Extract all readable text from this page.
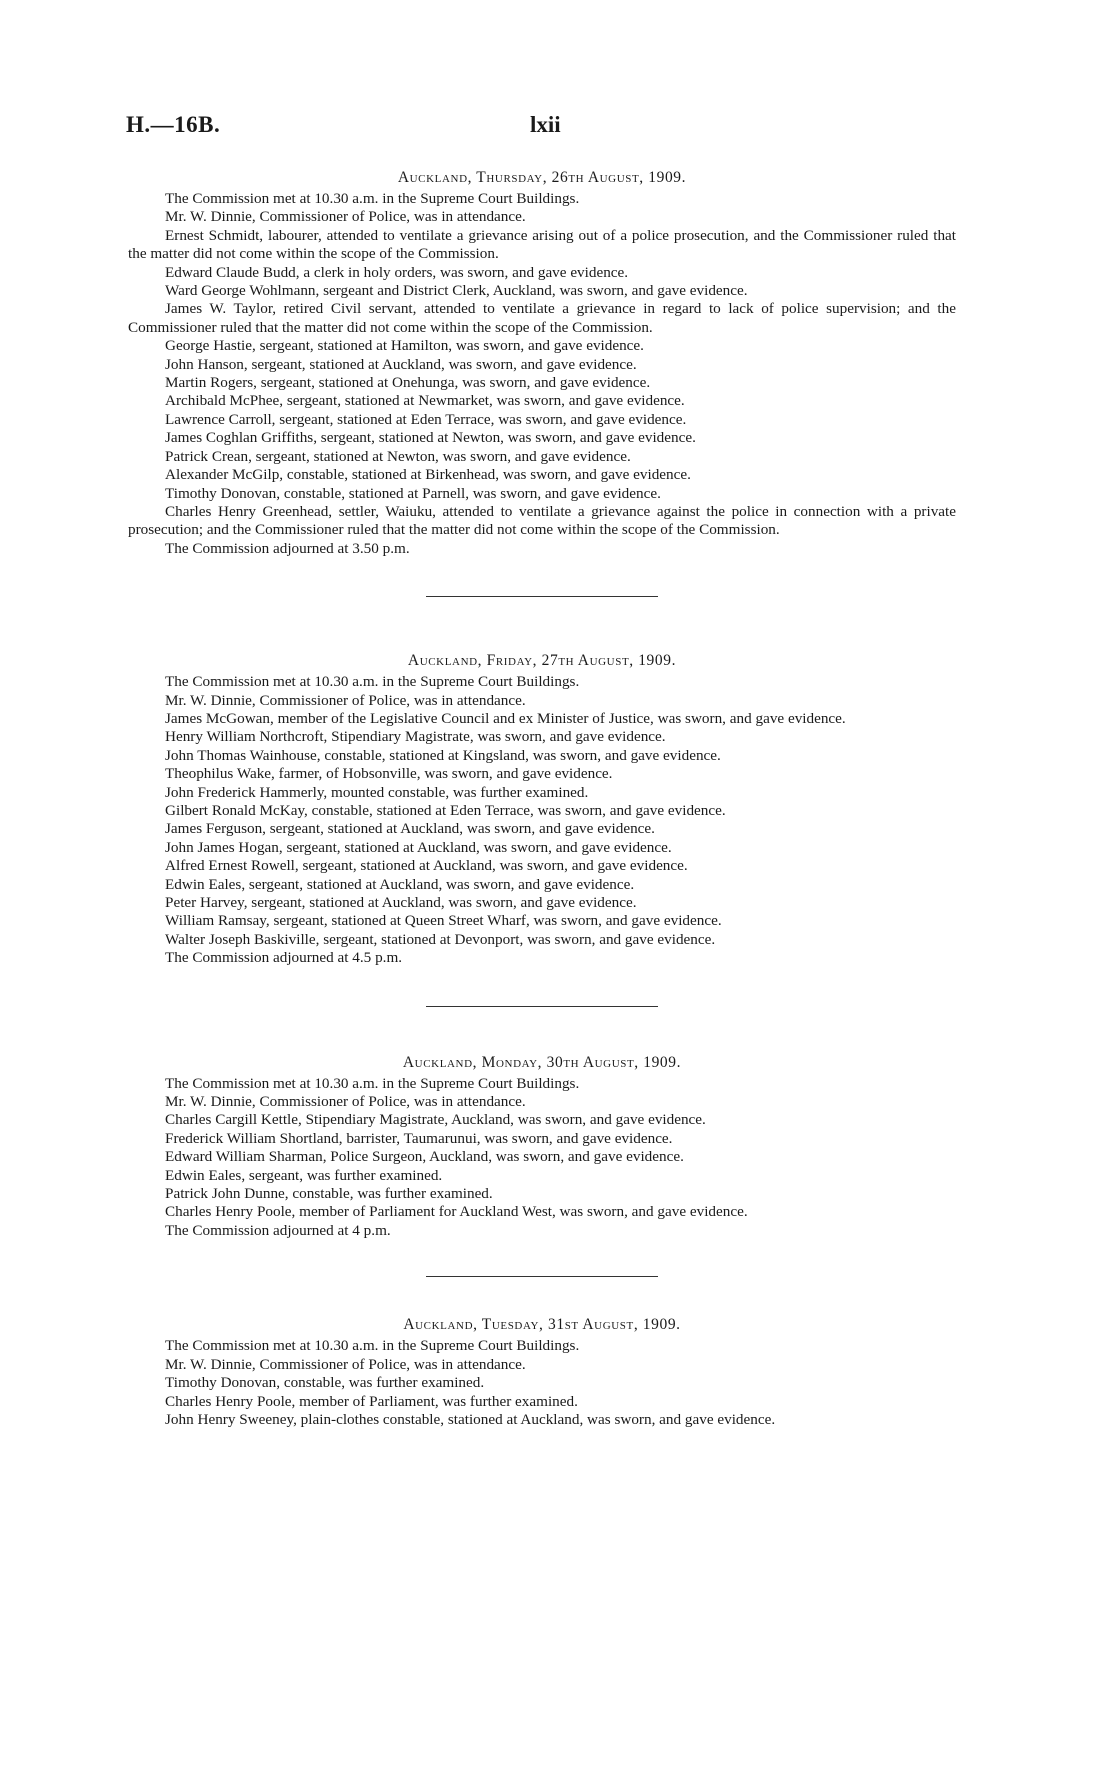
H.—16B.	lxii
Auckland, Thursday, 26th August, 1909.

The Commission met at 10.30 a.m. in the Supreme Court Buildings.

Mr. W. Dinnie, Commissioner of Police, was in attendance.

Ernest Schmidt, labourer, attended to ventilate a grievance arising out of a police prosecution, and the Commissioner ruled that the matter did not come within the scope of the Commission.

Edward Claude Budd, a clerk in holy orders, was sworn, and gave evidence.

Ward George Wohlmann, sergeant and District Clerk, Auckland, was sworn, and gave evidence.

James W. Taylor, retired Civil servant, attended to ventilate a grievance in regard to lack of police supervision; and the Commissioner ruled that the matter did not come within the scope of the Commission.

George Hastie, sergeant, stationed at Hamilton, was sworn, and gave evidence.

John Hanson, sergeant, stationed at Auckland, was sworn, and gave evidence.

Martin Rogers, sergeant, stationed at Onehunga, was sworn, and gave evidence.

Archibald McPhee, sergeant, stationed at Newmarket, was sworn, and gave evidence.

Lawrence Carroll, sergeant, stationed at Eden Terrace, was sworn, and gave evidence.

James Coghlan Griffiths, sergeant, stationed at Newton, was sworn, and gave evidence.

Patrick Crean, sergeant, stationed at Newton, was sworn, and gave evidence.

Alexander McGilp, constable, stationed at Birkenhead, was sworn, and gave evidence.

Timothy Donovan, constable, stationed at Parnell, was sworn, and gave evidence.

Charles Henry Greenhead, settler, Waiuku, attended to ventilate a grievance against the police in connection with a private prosecution; and the Commissioner ruled that the matter did not come within the scope of the Commission.

The Commission adjourned at 3.50 p.m.

Auckland, Friday, 27th August, 1909.

The Commission met at 10.30 a.m. in the Supreme Court Buildings.

Mr. W. Dinnie, Commissioner of Police, was in attendance.

James McGowan, member of the Legislative Council and ex Minister of Justice, was sworn, and gave evidence.

Henry William Northcroft, Stipendiary Magistrate, was sworn, and gave evidence.

John Thomas Wainhouse, constable, stationed at Kingsland, was sworn, and gave evidence.

Theophilus Wake, farmer, of Hobsonville, was sworn, and gave evidence.

John Frederick Hammerly, mounted constable, was further examined.

Gilbert Ronald McKay, constable, stationed at Eden Terrace, was sworn, and gave evidence.

James Ferguson, sergeant, stationed at Auckland, was sworn, and gave evidence.

John James Hogan, sergeant, stationed at Auckland, was sworn, and gave evidence.

Alfred Ernest Rowell, sergeant, stationed at Auckland, was sworn, and gave evidence.

Edwin Eales, sergeant, stationed at Auckland, was sworn, and gave evidence.

Peter Harvey, sergeant, stationed at Auckland, was sworn, and gave evidence.

William Ramsay, sergeant, stationed at Queen Street Wharf, was sworn, and gave evidence.

Walter Joseph Baskiville, sergeant, stationed at Devonport, was sworn, and gave evidence.

The Commission adjourned at 4.5 p.m.

Auckland, Monday, 30th August, 1909.

The Commission met at 10.30 a.m. in the Supreme Court Buildings.

Mr. W. Dinnie, Commissioner of Police, was in attendance.

Charles Cargill Kettle, Stipendiary Magistrate, Auckland, was sworn, and gave evidence.

Frederick William Shortland, barrister, Taumarunui, was sworn, and gave evidence.

Edward William Sharman, Police Surgeon, Auckland, was sworn, and gave evidence.

Edwin Eales, sergeant, was further examined.

Patrick John Dunne, constable, was further examined.

Charles Henry Poole, member of Parliament for Auckland West, was sworn, and gave evidence.

The Commission adjourned at 4 p.m.

Auckland, Tuesday, 31st August, 1909.

The Commission met at 10.30 a.m. in the Supreme Court Buildings.

Mr. W. Dinnie, Commissioner of Police, was in attendance.

Timothy Donovan, constable, was further examined.

Charles Henry Poole, member of Parliament, was further examined.

John Henry Sweeney, plain-clothes constable, stationed at Auckland, was sworn, and gave evidence.
